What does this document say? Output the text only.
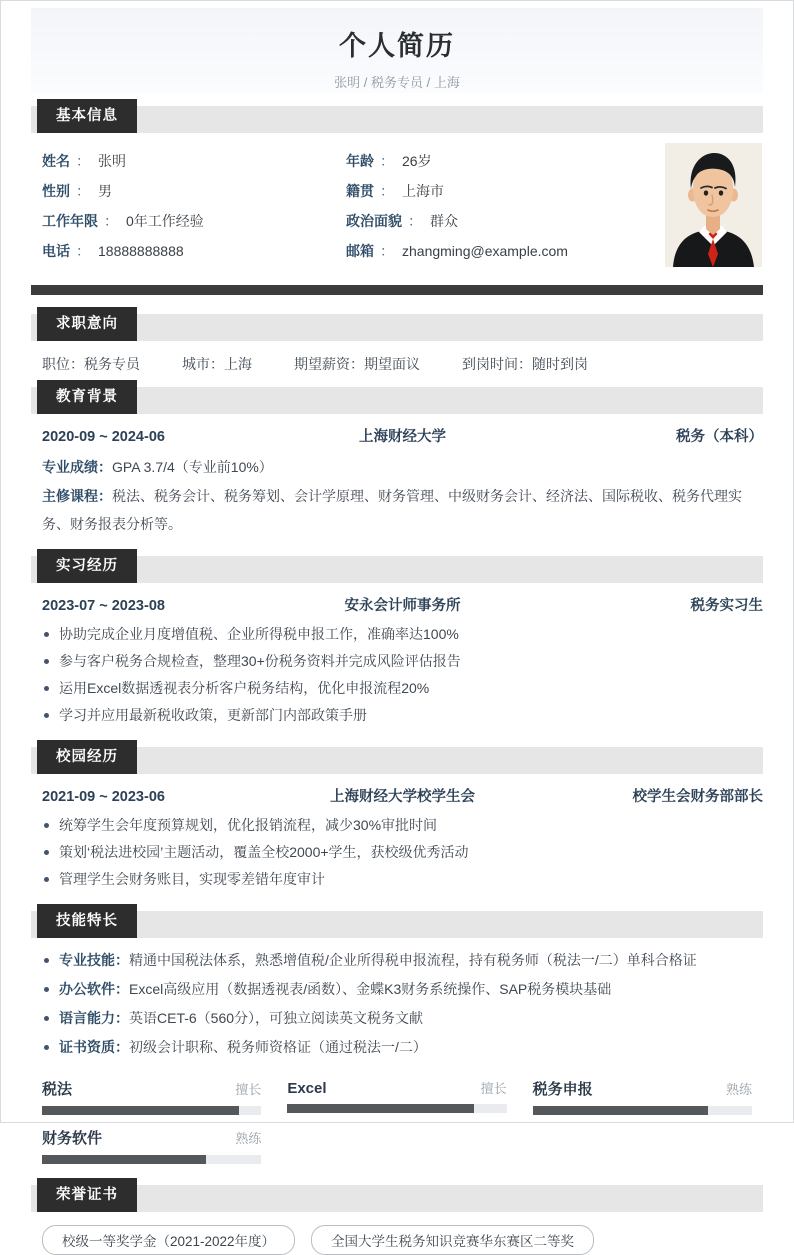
个人简历
张明 / 税务专员 / 上海
基本信息
姓名 ： 张明
性别 ： 男
工作年限 ： 0年工作经验
电话 ： 18888888888
年龄 ： 26岁
籍贯 ： 上海市
政治面貌 ： 群众
邮箱 ： zhangming@example.com
求职意向
职位：税务专员	城市：上海	期望薪资：期望面议	到岗时间：随时到岗
教育背景
2020-09 ~ 2024-06	上海财经大学	税务（本科）
专业成绩：GPA 3.7/4（专业前10%）
主修课程：税法、税务会计、税务筹划、会计学原理、财务管理、中级财务会计、经济法、国际税收、税务代理实务、财务报表分析等。
实习经历
2023-07 ~ 2023-08	安永会计师事务所	税务实习生
协助完成企业月度增值税、企业所得税申报工作，准确率达100%
参与客户税务合规检查，整理30+份税务资料并完成风险评估报告
运用Excel数据透视表分析客户税务结构，优化申报流程20%
学习并应用最新税收政策，更新部门内部政策手册
校园经历
2021-09 ~ 2023-06	上海财经大学校学生会	校学生会财务部部长
统筹学生会年度预算规划，优化报销流程，减少30%审批时间
策划‘税法进校园’主题活动，覆盖全校2000+学生，获校级优秀活动
管理学生会财务账目，实现零差错年度审计
技能特长
专业技能：精通中国税法体系，熟悉增值税/企业所得税申报流程，持有税务师（税法一/二）单科合格证
办公软件：Excel高级应用（数据透视表/函数）、金蝶K3财务系统操作、SAP税务模块基础
语言能力：英语CET-6（560分），可独立阅读英文税务文献
证书资质：初级会计职称、税务师资格证（通过税法一/二）
税法	擅长 Excel	擅长 税务申报	熟练
财务软件	熟练
荣誉证书
校级一等奖学金（2021-2022年度）	全国大学生税务知识竞赛华东赛区二等奖
